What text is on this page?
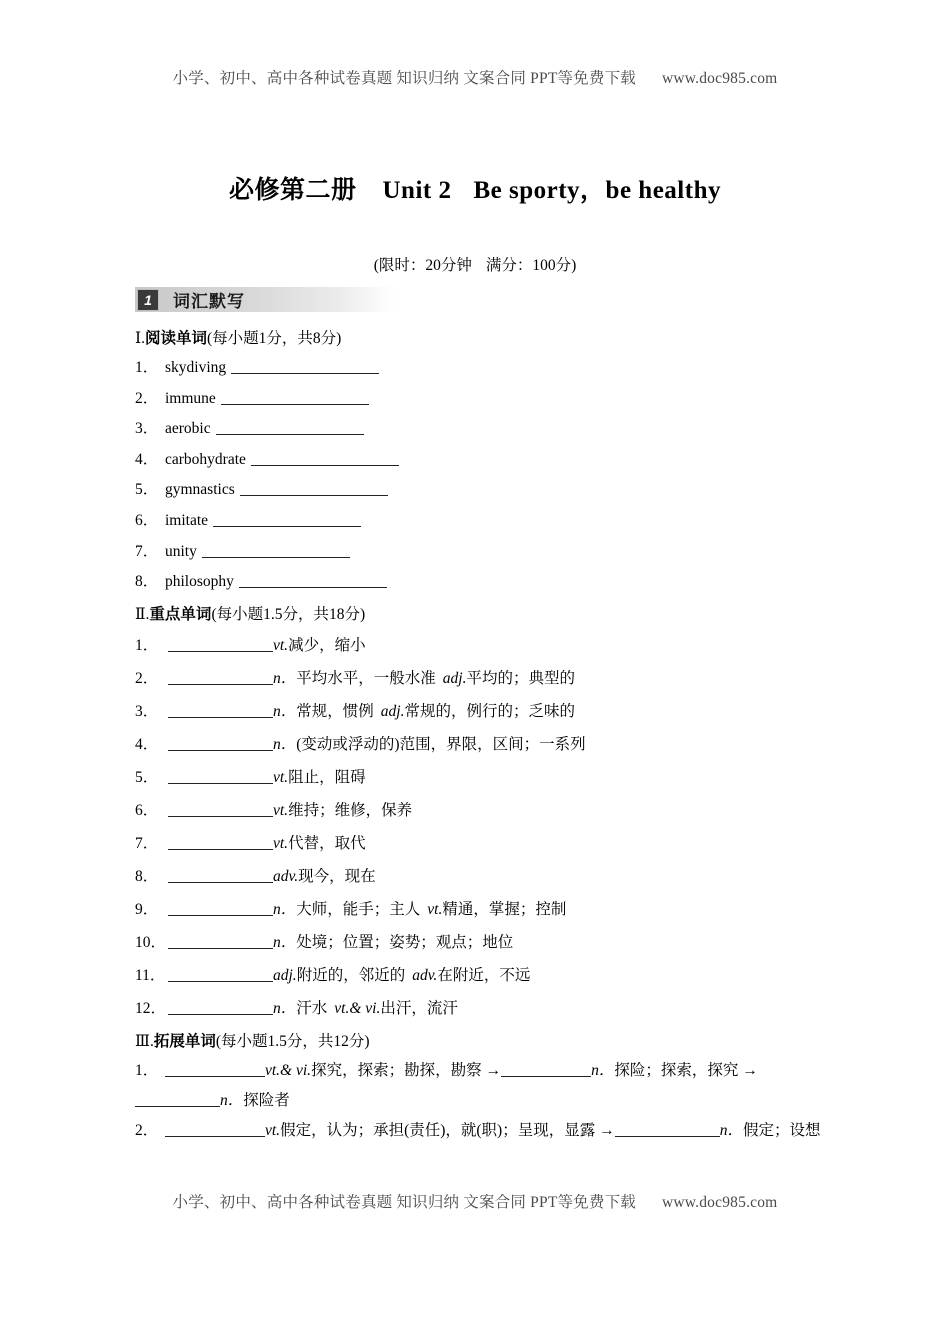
小学、初中、高中各种试卷真题 知识归纳 文案合同 PPT等免费下载 www.doc985.com
必修第二册 Unit 2 Be sporty，be healthy
(限时：20分钟 满分：100分)
1	词汇默写
Ⅰ.阅读单词(每小题1分，共8分)
1． skydiving
2． immune
3． aerobic
4． carbohydrate
5． gymnastics
6． imitate
7． unity
8． philosophy
Ⅱ.重点单词(每小题1.5分，共18分)
1．	vt.减少，缩小
2．	n．平均水平，一般水准 adj.平均的；典型的
3．	n．常规，惯例 adj.常规的，例行的；乏味的
4．	n．(变动或浮动的)范围，界限，区间；一系列
5．	vt.阻止，阻碍
6．	vt.维持；维修，保养
7．	vt.代替，取代
8．	adv.现今，现在
9．	n．大师，能手；主人 vt.精通，掌握；控制
10．	n．处境；位置；姿势；观点；地位
11．	adj.附近的，邻近的 adv.在附近，不远
12．	n．汗水 vt.& vi.出汗，流汗
Ⅲ.拓展单词(每小题1.5分，共12分)
1．	vt.& vi.探究，探索；勘探，勘察 →	n．探险；探索，探究 →n．探险者
2．	vt.假定，认为；承担(责任)，就(职)；呈现，显露 →	n．假定；设想
小学、初中、高中各种试卷真题 知识归纳 文案合同 PPT等免费下载 www.doc985.com
